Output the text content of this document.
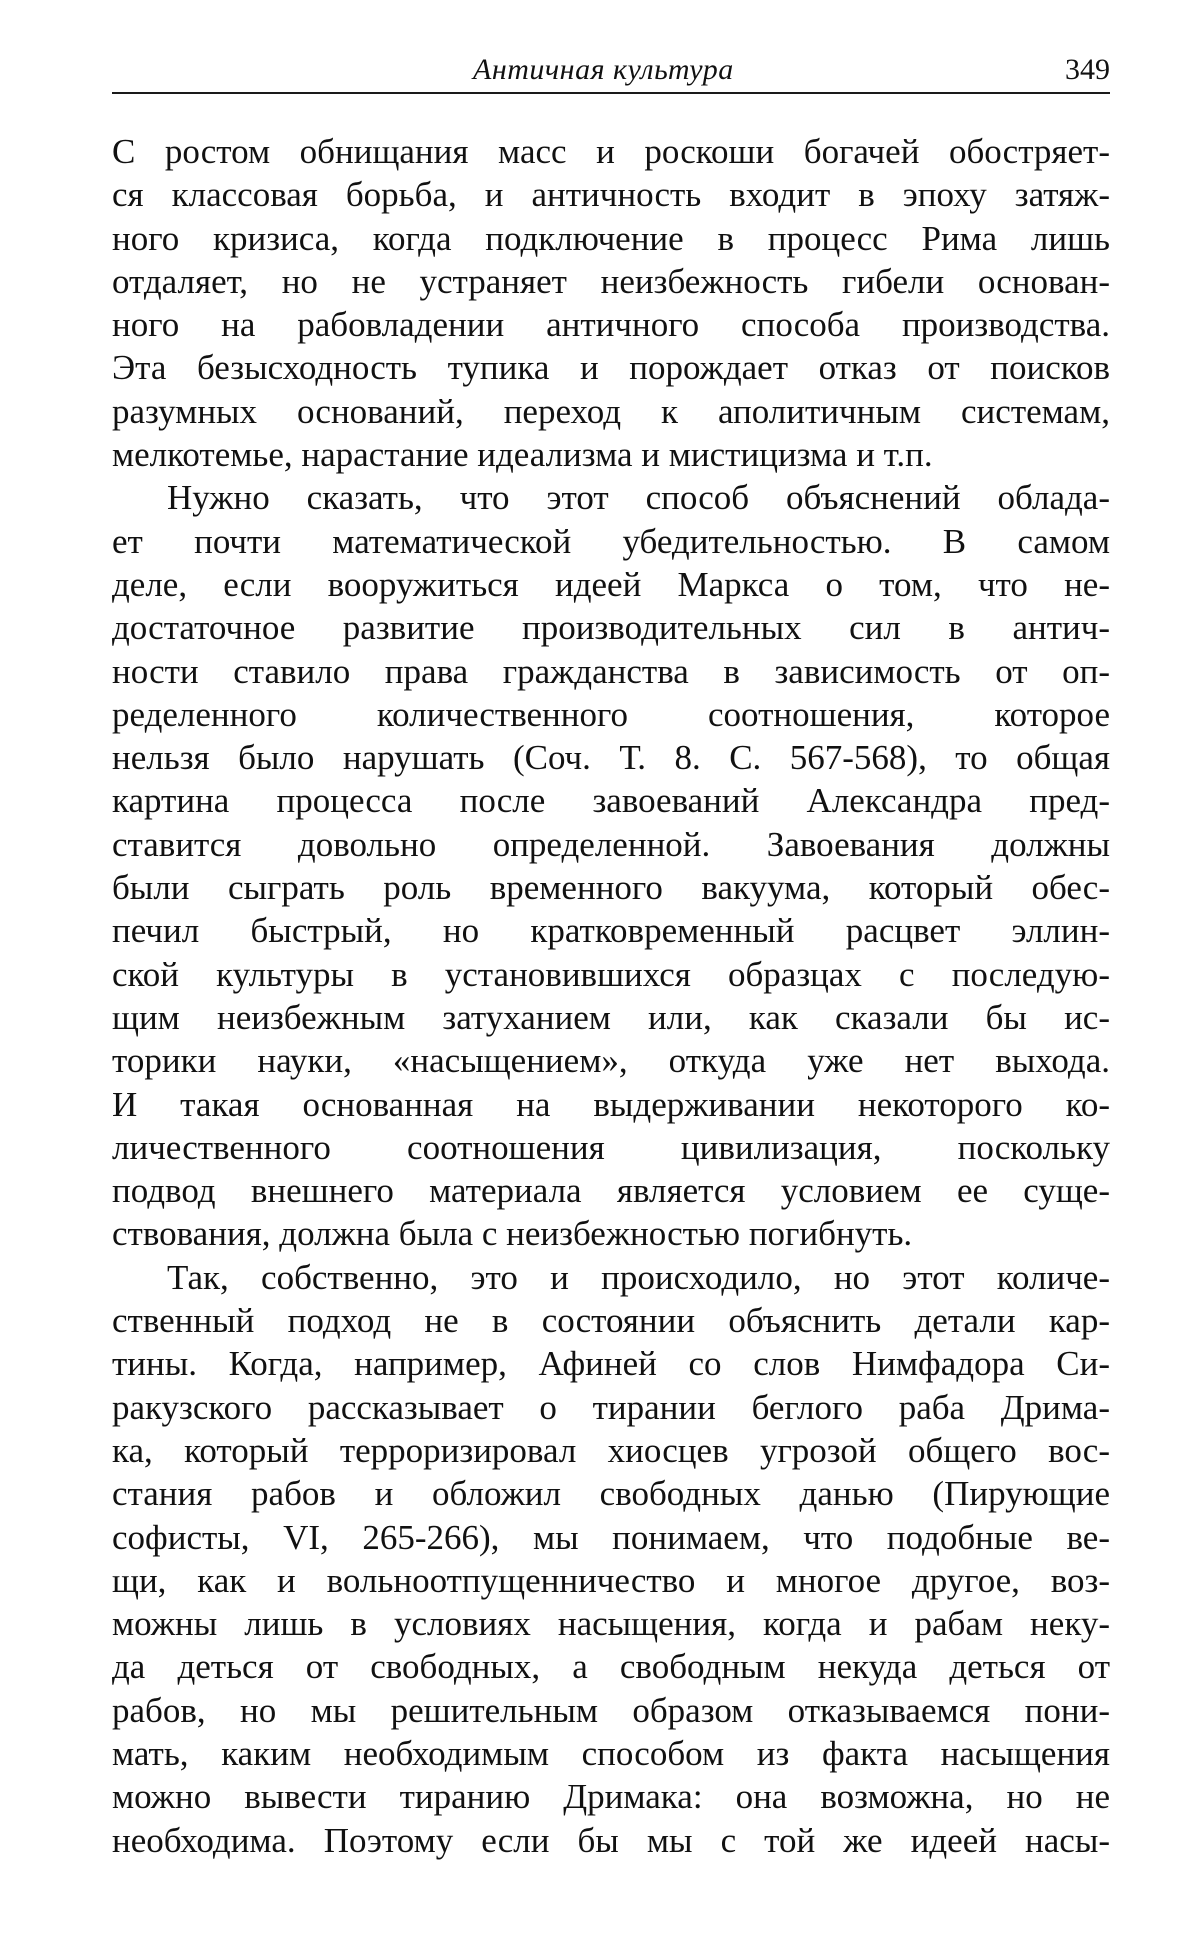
Античная культура	349
С ростом обнищания масс и роскоши богачей обостряет-
ся классовая борьба, и античность входит в эпоху затяж-
ного кризиса, когда подключение в процесс Рима лишь
отдаляет, но не устраняет неизбежность гибели основан-
ного на рабовладении античного способа производства.
Эта безысходность тупика и порождает отказ от поисков
разумных оснований, переход к аполитичным системам,
мелкотемье, нарастание идеализма и мистицизма и т.п.
Нужно сказать, что этот способ объяснений облада-
ет почти математической убедительностью. В самом
деле, если вооружиться идеей Маркса о том, что не-
достаточное развитие производительных сил в антич-
ности ставило права гражданства в зависимость от оп-
ределенного количественного соотношения, которое
нельзя было нарушать (Соч. Т. 8. С. 567-568), то общая
картина процесса после завоеваний Александра пред-
ставится довольно определенной. Завоевания должны
были сыграть роль временного вакуума, который обес-
печил быстрый, но кратковременный расцвет эллин-
ской культуры в установившихся образцах с последую-
щим неизбежным затуханием или, как сказали бы ис-
торики науки, «насыщением», откуда уже нет выхода.
И такая основанная на выдерживании некоторого ко-
личественного соотношения цивилизация, поскольку
подвод внешнего материала является условием ее суще-
ствования, должна была с неизбежностью погибнуть.
Так, собственно, это и происходило, но этот количе-
ственный подход не в состоянии объяснить детали кар-
тины. Когда, например, Афиней со слов Нимфадора Си-
ракузского рассказывает о тирании беглого раба Дрима-
ка, который терроризировал хиосцев угрозой общего вос-
стания рабов и обложил свободных данью (Пирующие
софисты, VI, 265-266), мы понимаем, что подобные ве-
щи, как и вольноотпущенничество и многое другое, воз-
можны лишь в условиях насыщения, когда и рабам неку-
да деться от свободных, а свободным некуда деться от
рабов, но мы решительным образом отказываемся пони-
мать, каким необходимым способом из факта насыщения
можно вывести тиранию Дримака: она возможна, но не
необходима. Поэтому если бы мы с той же идеей насы-
